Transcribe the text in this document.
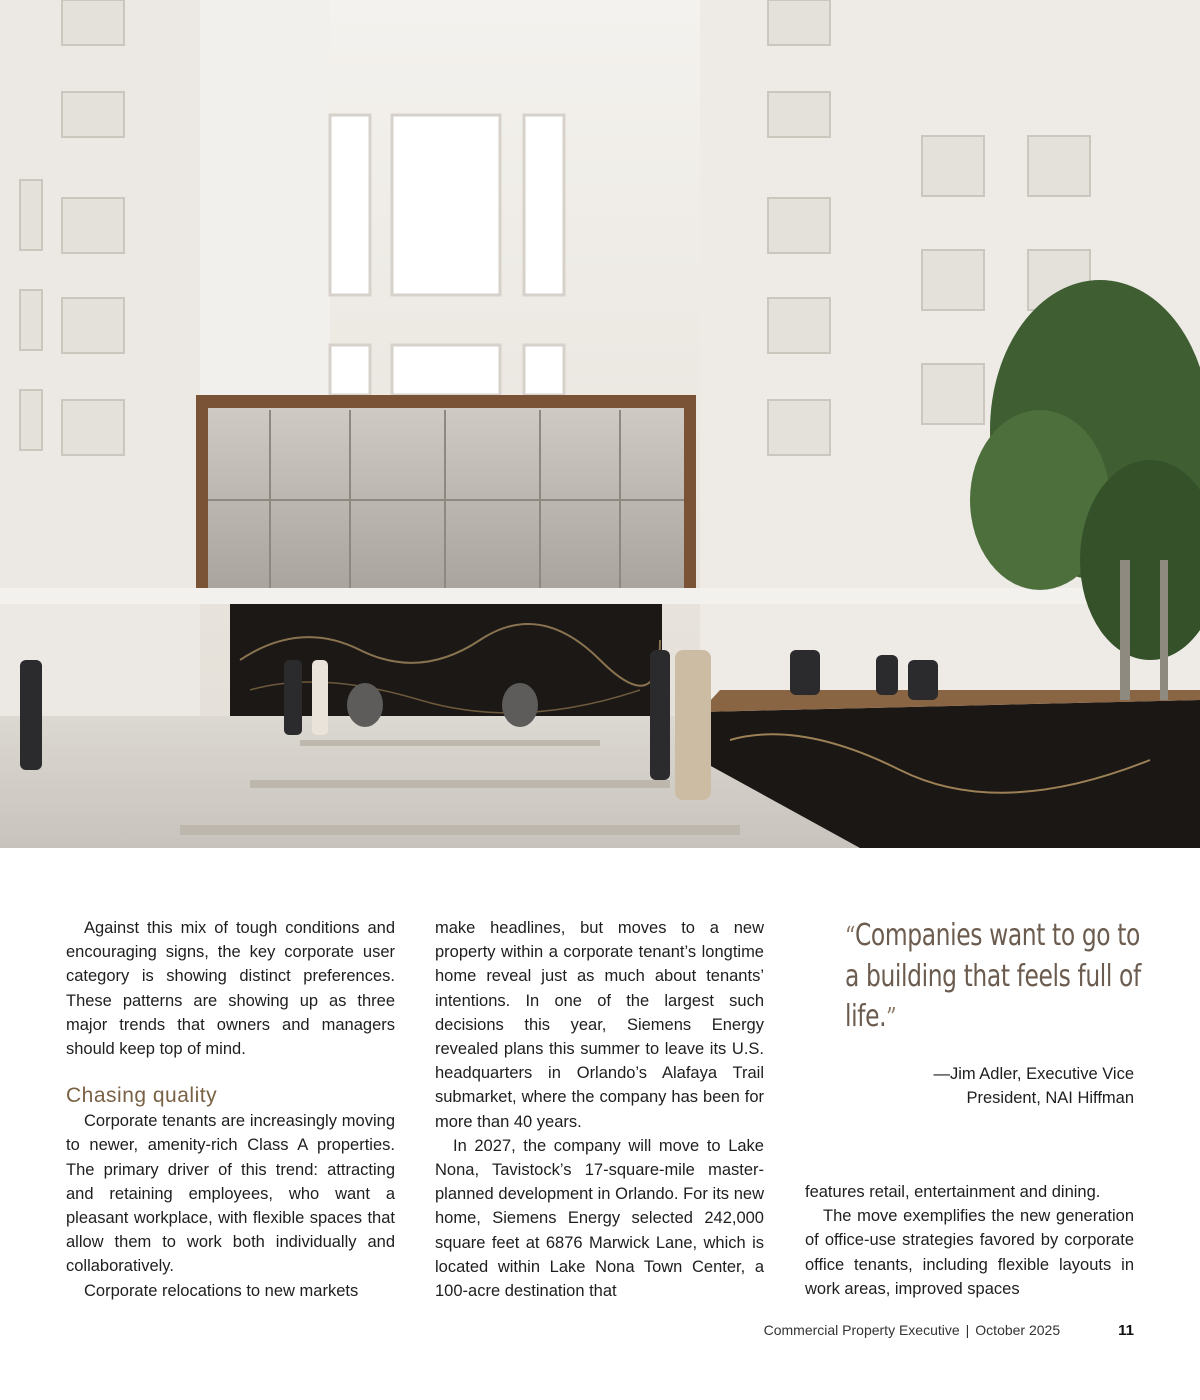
Against this mix of tough conditions and encouraging signs, the key corporate user category is showing distinct preferences. These patterns are showing up as three major trends that owners and managers should keep top of mind.

Chasing quality

Corporate tenants are increasingly moving to newer, amenity-rich Class A properties. The primary driver of this trend: attracting and retaining employees, who want a pleasant workplace, with flexible spaces that allow them to work both individually and collaboratively.

Corporate relocations to new markets

make headlines, but moves to a new property within a corporate tenant’s longtime home reveal just as much about tenants’ intentions. In one of the largest such decisions this year, Siemens Energy revealed plans this summer to leave its U.S. headquarters in Orlando’s Alafaya Trail submarket, where the company has been for more than 40 years.

In 2027, the company will move to Lake Nona, Tavistock’s 17-square-mile master-planned development in Orlando. For its new home, Siemens Energy selected 242,000 square feet at 6876 Marwick Lane, which is located within Lake Nona Town Center, a 100-acre destination that

“Companies want to go to a building that feels full of life.”
—Jim Adler, Executive Vice
President, NAI Hiffman

features retail, entertainment and dining.

The move exemplifies the new generation of office-use strategies favored by corporate office tenants, including flexible layouts in work areas, improved spaces

Commercial Property Executive | October 2025	11
